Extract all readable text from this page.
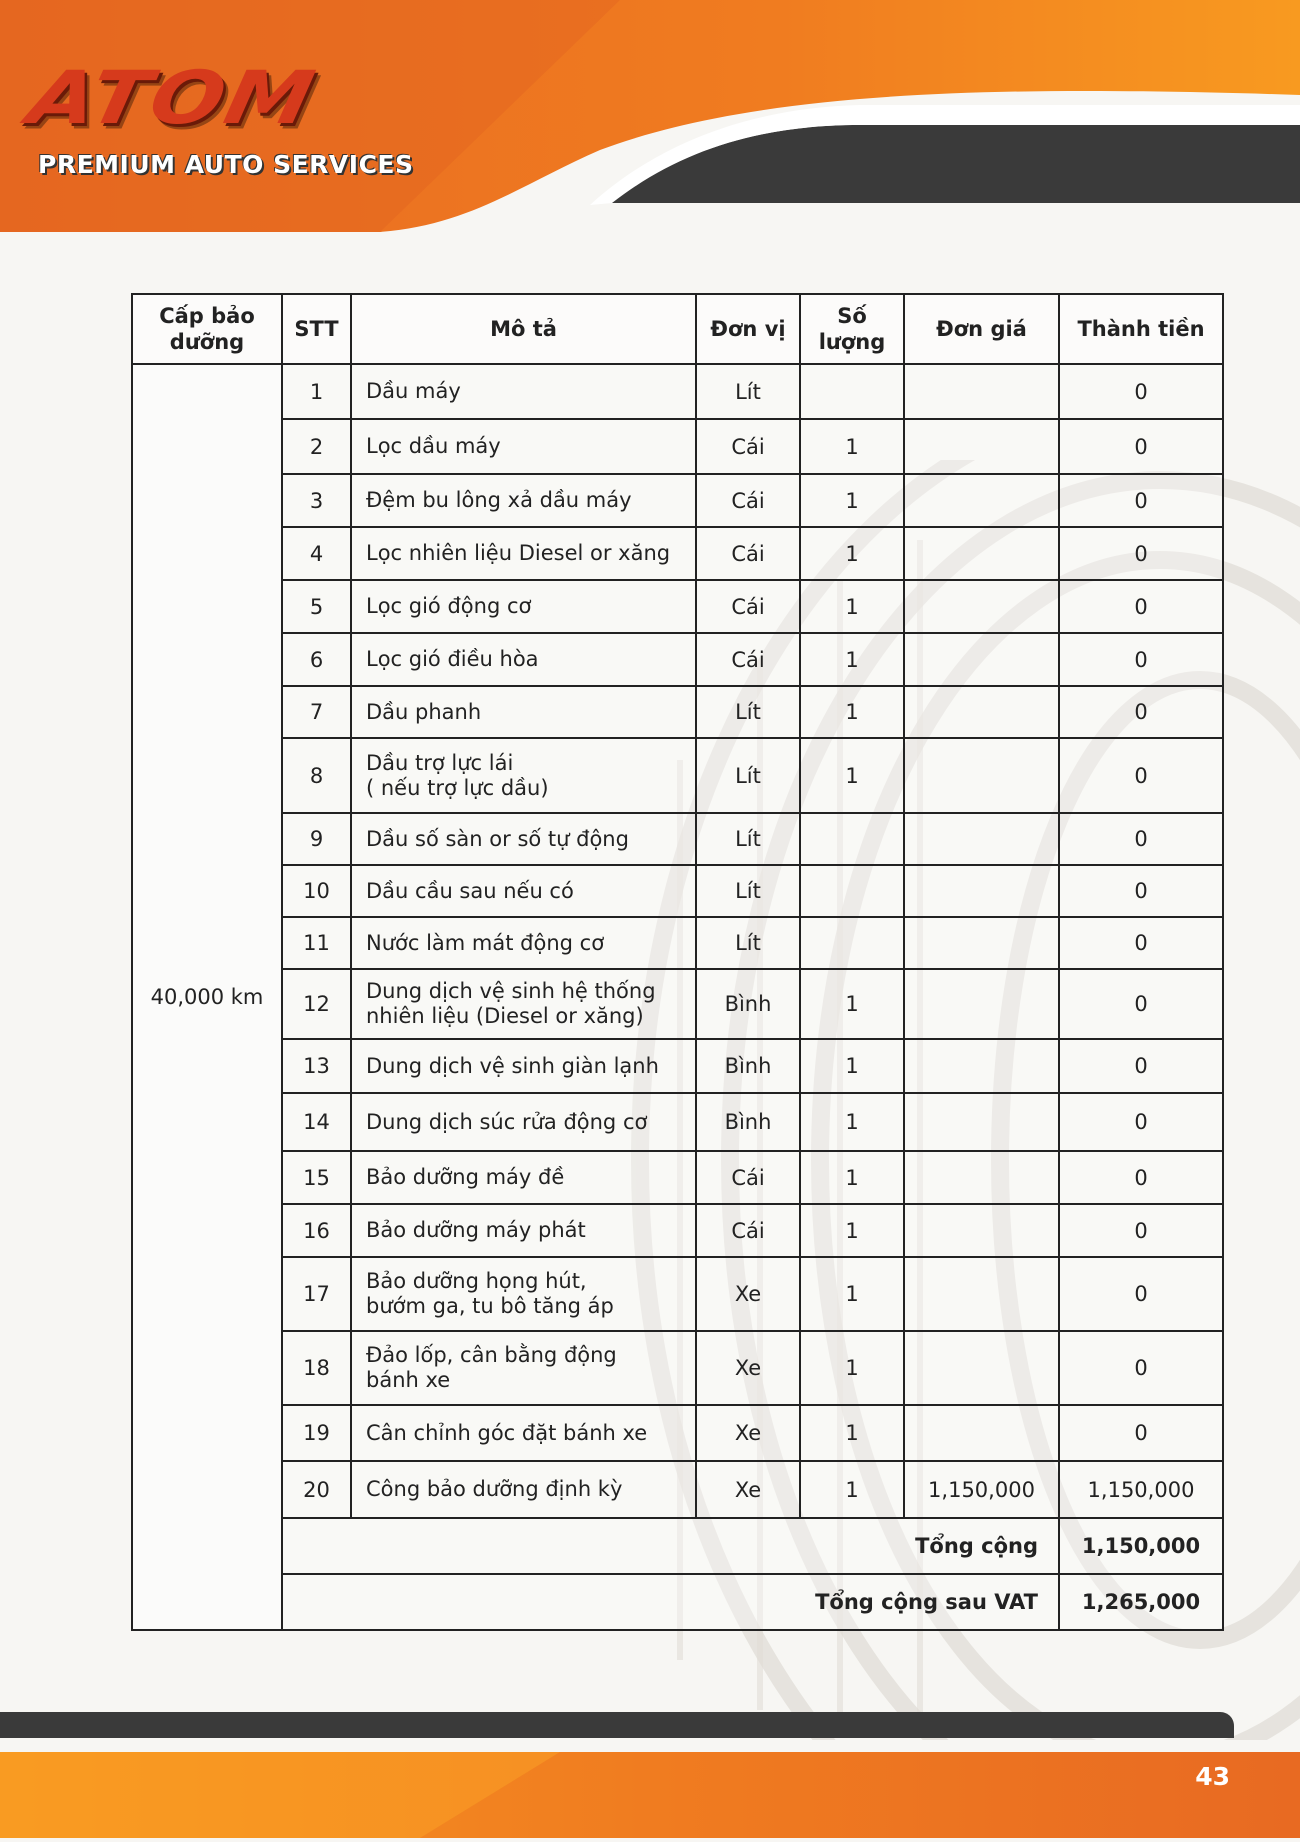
ATOM
PREMIUM AUTO SERVICES
Cấp bảo dưỡng	STT	Mô tả	Đơn vị	Số lượng	Đơn giá	Thành tiền
40,000 km	1	Dầu máy	Lít			0
	2	Lọc dầu máy	Cái	1		0
	3	Đệm bu lông xả dầu máy	Cái	1		0
	4	Lọc nhiên liệu Diesel or xăng	Cái	1		0
	5	Lọc gió động cơ	Cái	1		0
	6	Lọc gió điều hòa	Cái	1		0
	7	Dầu phanh	Lít	1		0
	8	Dầu trợ lực lái
( nếu trợ lực dầu)	Lít	1		0
	9	Dầu số sàn or số tự động	Lít			0
	10	Dầu cầu sau nếu có	Lít			0
	11	Nước làm mát động cơ	Lít			0
	12	Dung dịch vệ sinh hệ thống
nhiên liệu (Diesel or xăng)	Bình	1		0
	13	Dung dịch vệ sinh giàn lạnh	Bình	1		0
	14	Dung dịch súc rửa động cơ	Bình	1		0
	15	Bảo dưỡng máy đề	Cái	1		0
	16	Bảo dưỡng máy phát	Cái	1		0
	17	Bảo dưỡng họng hút,
bướm ga, tu bô tăng áp	Xe	1		0
	18	Đảo lốp, cân bằng động
bánh xe	Xe	1		0
	19	Cân chỉnh góc đặt bánh xe	Xe	1		0
	20	Công bảo dưỡng định kỳ	Xe	1	1,150,000	1,150,000
	Tổng cộng					1,150,000
	Tổng cộng sau VAT					1,265,000
43
